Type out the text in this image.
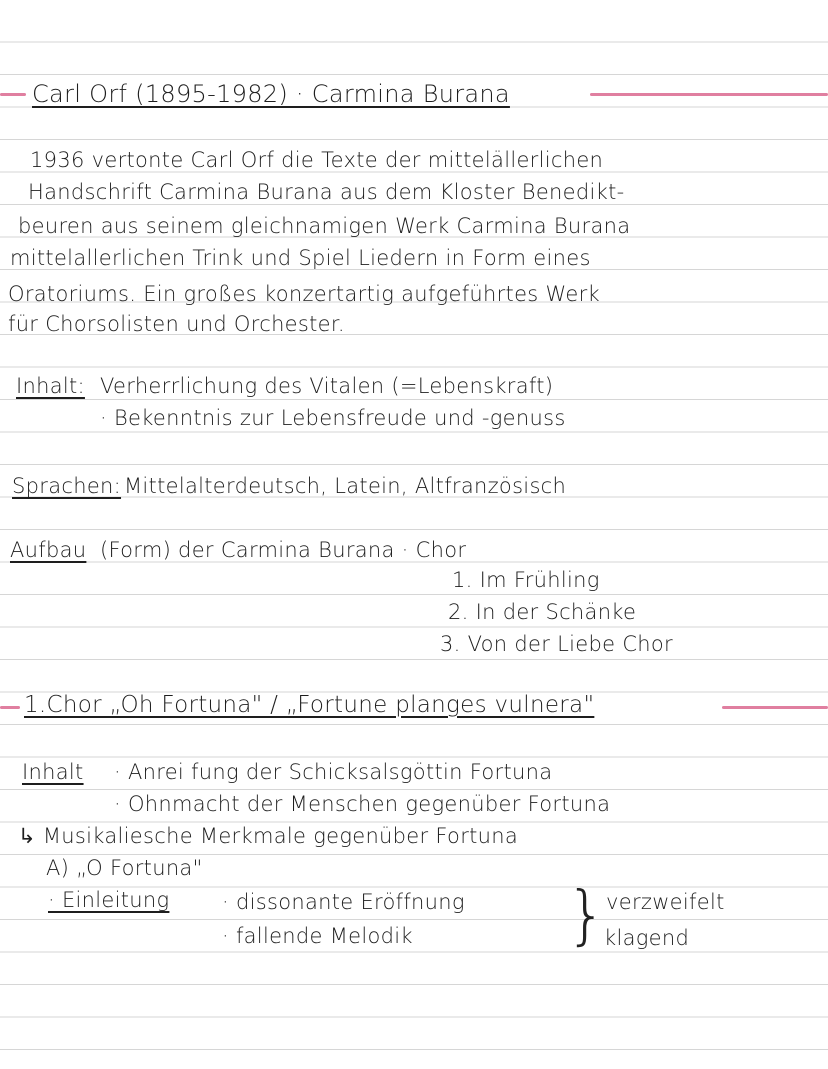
Carl Orf (1895-1982) · Carmina Burana
1936 vertonte Carl Orf die Texte der mittelällerlichen
Handschrift Carmina Burana aus dem Kloster Benedikt-
beuren aus seinem gleichnamigen Werk Carmina Burana
mittelallerlichen Trink und Spiel Liedern in Form eines
Oratoriums. Ein großes konzertartig aufgeführtes Werk
für Chorsolisten und Orchester.
Inhalt: Verherrlichung des Vitalen (=Lebenskraft)
· Bekenntnis zur Lebensfreude und -genuss
Sprachen: Mittelalterdeutsch, Latein, Altfranzösisch
Aufbau (Form) der Carmina Burana · Chor
1. Im Frühling
2. In der Schänke
3. Von der Liebe Chor
1.Chor „Oh Fortuna" / „Fortune planges vulnera"
Inhalt · Anrei fung der Schicksalsgöttin Fortuna
· Ohnmacht der Menschen gegenüber Fortuna
↳ Musikaliesche Merkmale gegenüber Fortuna
A) „O Fortuna"
· Einleitung	· dissonante Eröffnung
· fallende Melodik } verzweifelt
klagend
